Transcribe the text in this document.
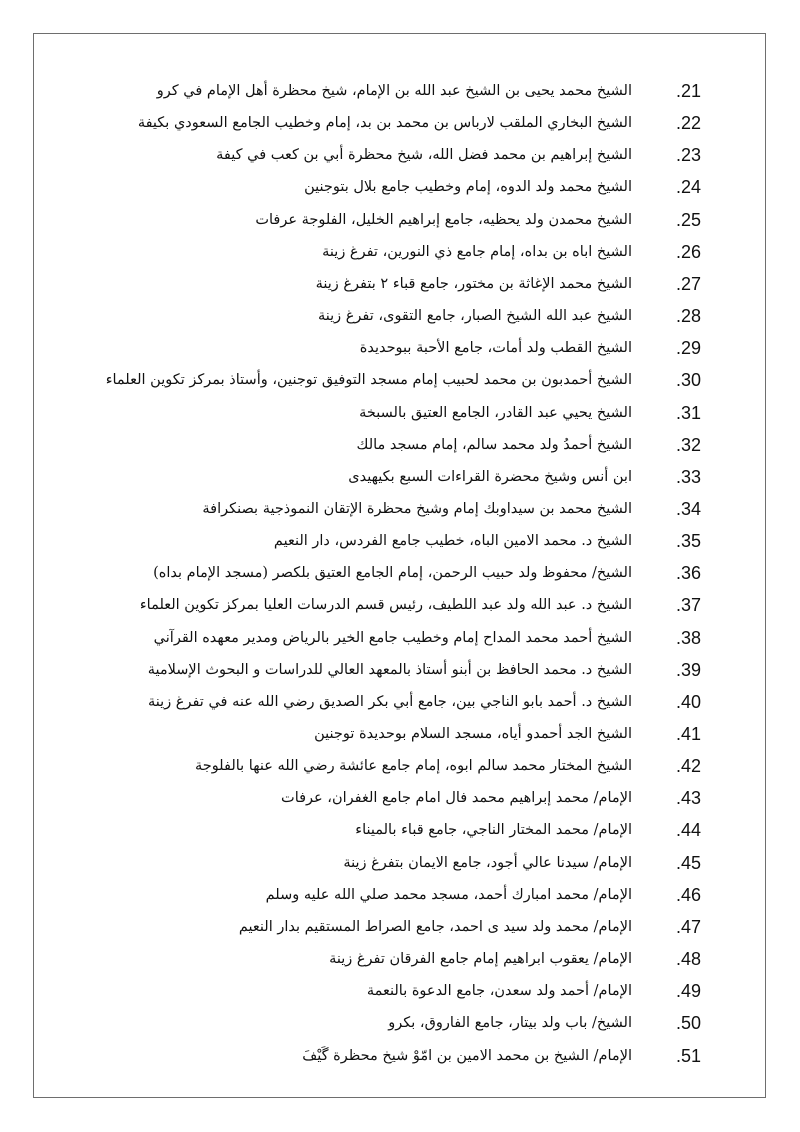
الشيخ محمد يحيى بن الشيخ عبد الله بن الإمام، شيخ محظرة أهل الإمام في كرو .21
الشيخ البخاري الملقب لارباس بن محمد بن بد، إمام وخطيب الجامع السعودي بكيفة .22
الشيخ إبراهيم بن محمد فضل الله، شيخ محظرة أبي بن كعب في كيفة .23
الشيخ محمد ولد الدوه، إمام وخطيب جامع بلال بتوجنين .24
الشيخ محمدن ولد يحظيه، جامع إبراهيم الخليل، الفلوجة عرفات .25
الشيخ اباه بن بداه، إمام جامع ذي النورين، تفرغ زينة .26
الشيخ محمد الإغاثة بن مختور، جامع قباء ٢ بتفرغ زينة .27
الشيخ عبد الله الشيخ الصبار، جامع التقوى، تفرغ زينة .28
الشيخ القطب ولد أمات، جامع الأحبة ببوحديدة .29
الشيخ أحمدبون بن محمد لحبيب إمام مسجد التوفيق توجنين، وأستاذ بمركز تكوين العلماء .30
الشيخ يحيي عبد القادر، الجامع العتيق بالسبخة .31
الشيخ أحمدُ ولد محمد سالم، إمام مسجد مالك .32
ابن أنس وشيخ محضرة القراءات السبع بكيهيدى .33
الشيخ محمد بن سيداوبك إمام وشيخ محظرة الإتقان النموذجية بصنكرافة .34
الشيخ د. محمد الامين الباه، خطيب جامع الفردس، دار النعيم .35
الشيخ/ محفوظ ولد حبيب الرحمن، إمام الجامع العتيق بلكصر (مسجد الإمام بداه) .36
الشيخ د. عبد الله ولد عبد اللطيف، رئيس قسم الدرسات العليا بمركز تكوين العلماء .37
الشيخ أحمد محمد المداح إمام وخطيب جامع الخير بالرياض ومدير معهده القرآني .38
الشيخ د. محمد الحافظ بن أبنو أستاذ بالمعهد العالي للدراسات و البحوث الإسلامية .39
الشيخ د. أحمد بابو الناجي بين، جامع أبي بكر الصديق رضي الله عنه في تفرغ زينة .40
الشيخ الجد أحمدو أياه، مسجد السلام بوحديدة توجنين .41
الشيخ المختار محمد سالم ابوه، إمام جامع عائشة رضي الله عنها بالفلوجة .42
الإمام/ محمد إبراهيم محمد فال امام جامع الغفران، عرفات .43
الإمام/ محمد المختار الناجي، جامع قباء بالميناء .44
الإمام/ سيدنا عالي أجود، جامع الايمان بتفرغ زينة .45
الإمام/ محمد امبارك أحمد، مسجد محمد صلي الله عليه وسلم .46
الإمام/ محمد ولد سيد ى احمد، جامع الصراط المستقيم بدار النعيم .47
الإمام/ يعقوب ابراهيم إمام جامع الفرقان تفرغ زينة .48
الإمام/ أحمد ولد سعدن، جامع الدعوة بالنعمة .49
الشيخ/ باب ولد بيتار، جامع الفاروق، بكرو .50
الإمام/ الشيخ بن محمد الامين بن امّوْ شيخ محظرة گَيْفَ .51
